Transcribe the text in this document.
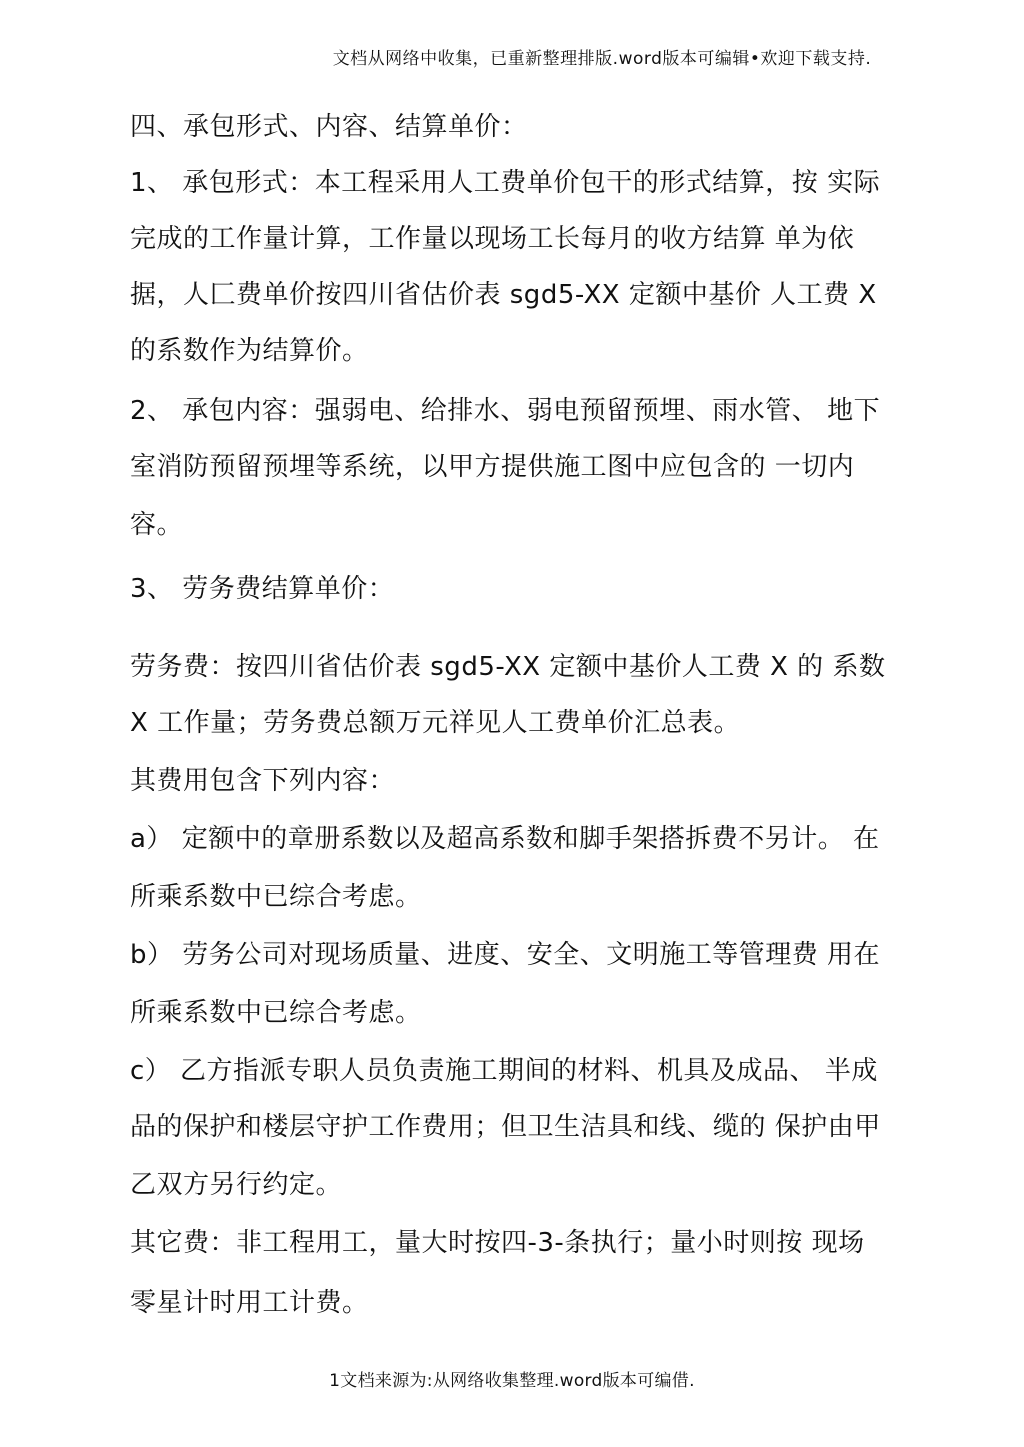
文档从网络中收集，已重新整理排版.word版本可编辑•欢迎下载支持.
四、承包形式、内容、结算单价：
1、 承包形式：本工程采用人工费单价包干的形式结算，按 实际
完成的工作量计算，工作量以现场工长每月的收方结算 单为依
据，人匚费单价按四川省估价表 sgd5-XX 定额中基价 人工费 X
的系数作为结算价。
2、 承包内容：强弱电、给排水、弱电预留预埋、雨水管、 地下
室消防预留预埋等系统，以甲方提供施工图中应包含的 一切内
容。
3、 劳务费结算单价：
劳务费：按四川省估价表 sgd5-XX 定额中基价人工费 X 的 系数
X 工作量；劳务费总额万元祥见人工费单价汇总表。
其费用包含下列内容：
a） 定额中的章册系数以及超高系数和脚手架搭拆费不另计。 在
所乘系数中已综合考虑。
b） 劳务公司对现场质量、进度、安全、文明施工等管理费 用在
所乘系数中已综合考虑。
c） 乙方指派专职人员负责施工期间的材料、机具及成品、 半成
品的保护和楼层守护工作费用；但卫生洁具和线、缆的 保护由甲
乙双方另行约定。
其它费：非工程用工，量大时按四-3-条执行；量小时则按 现场
零星计时用工计费。
1文档来源为:从网络收集整理.word版本可编借.
